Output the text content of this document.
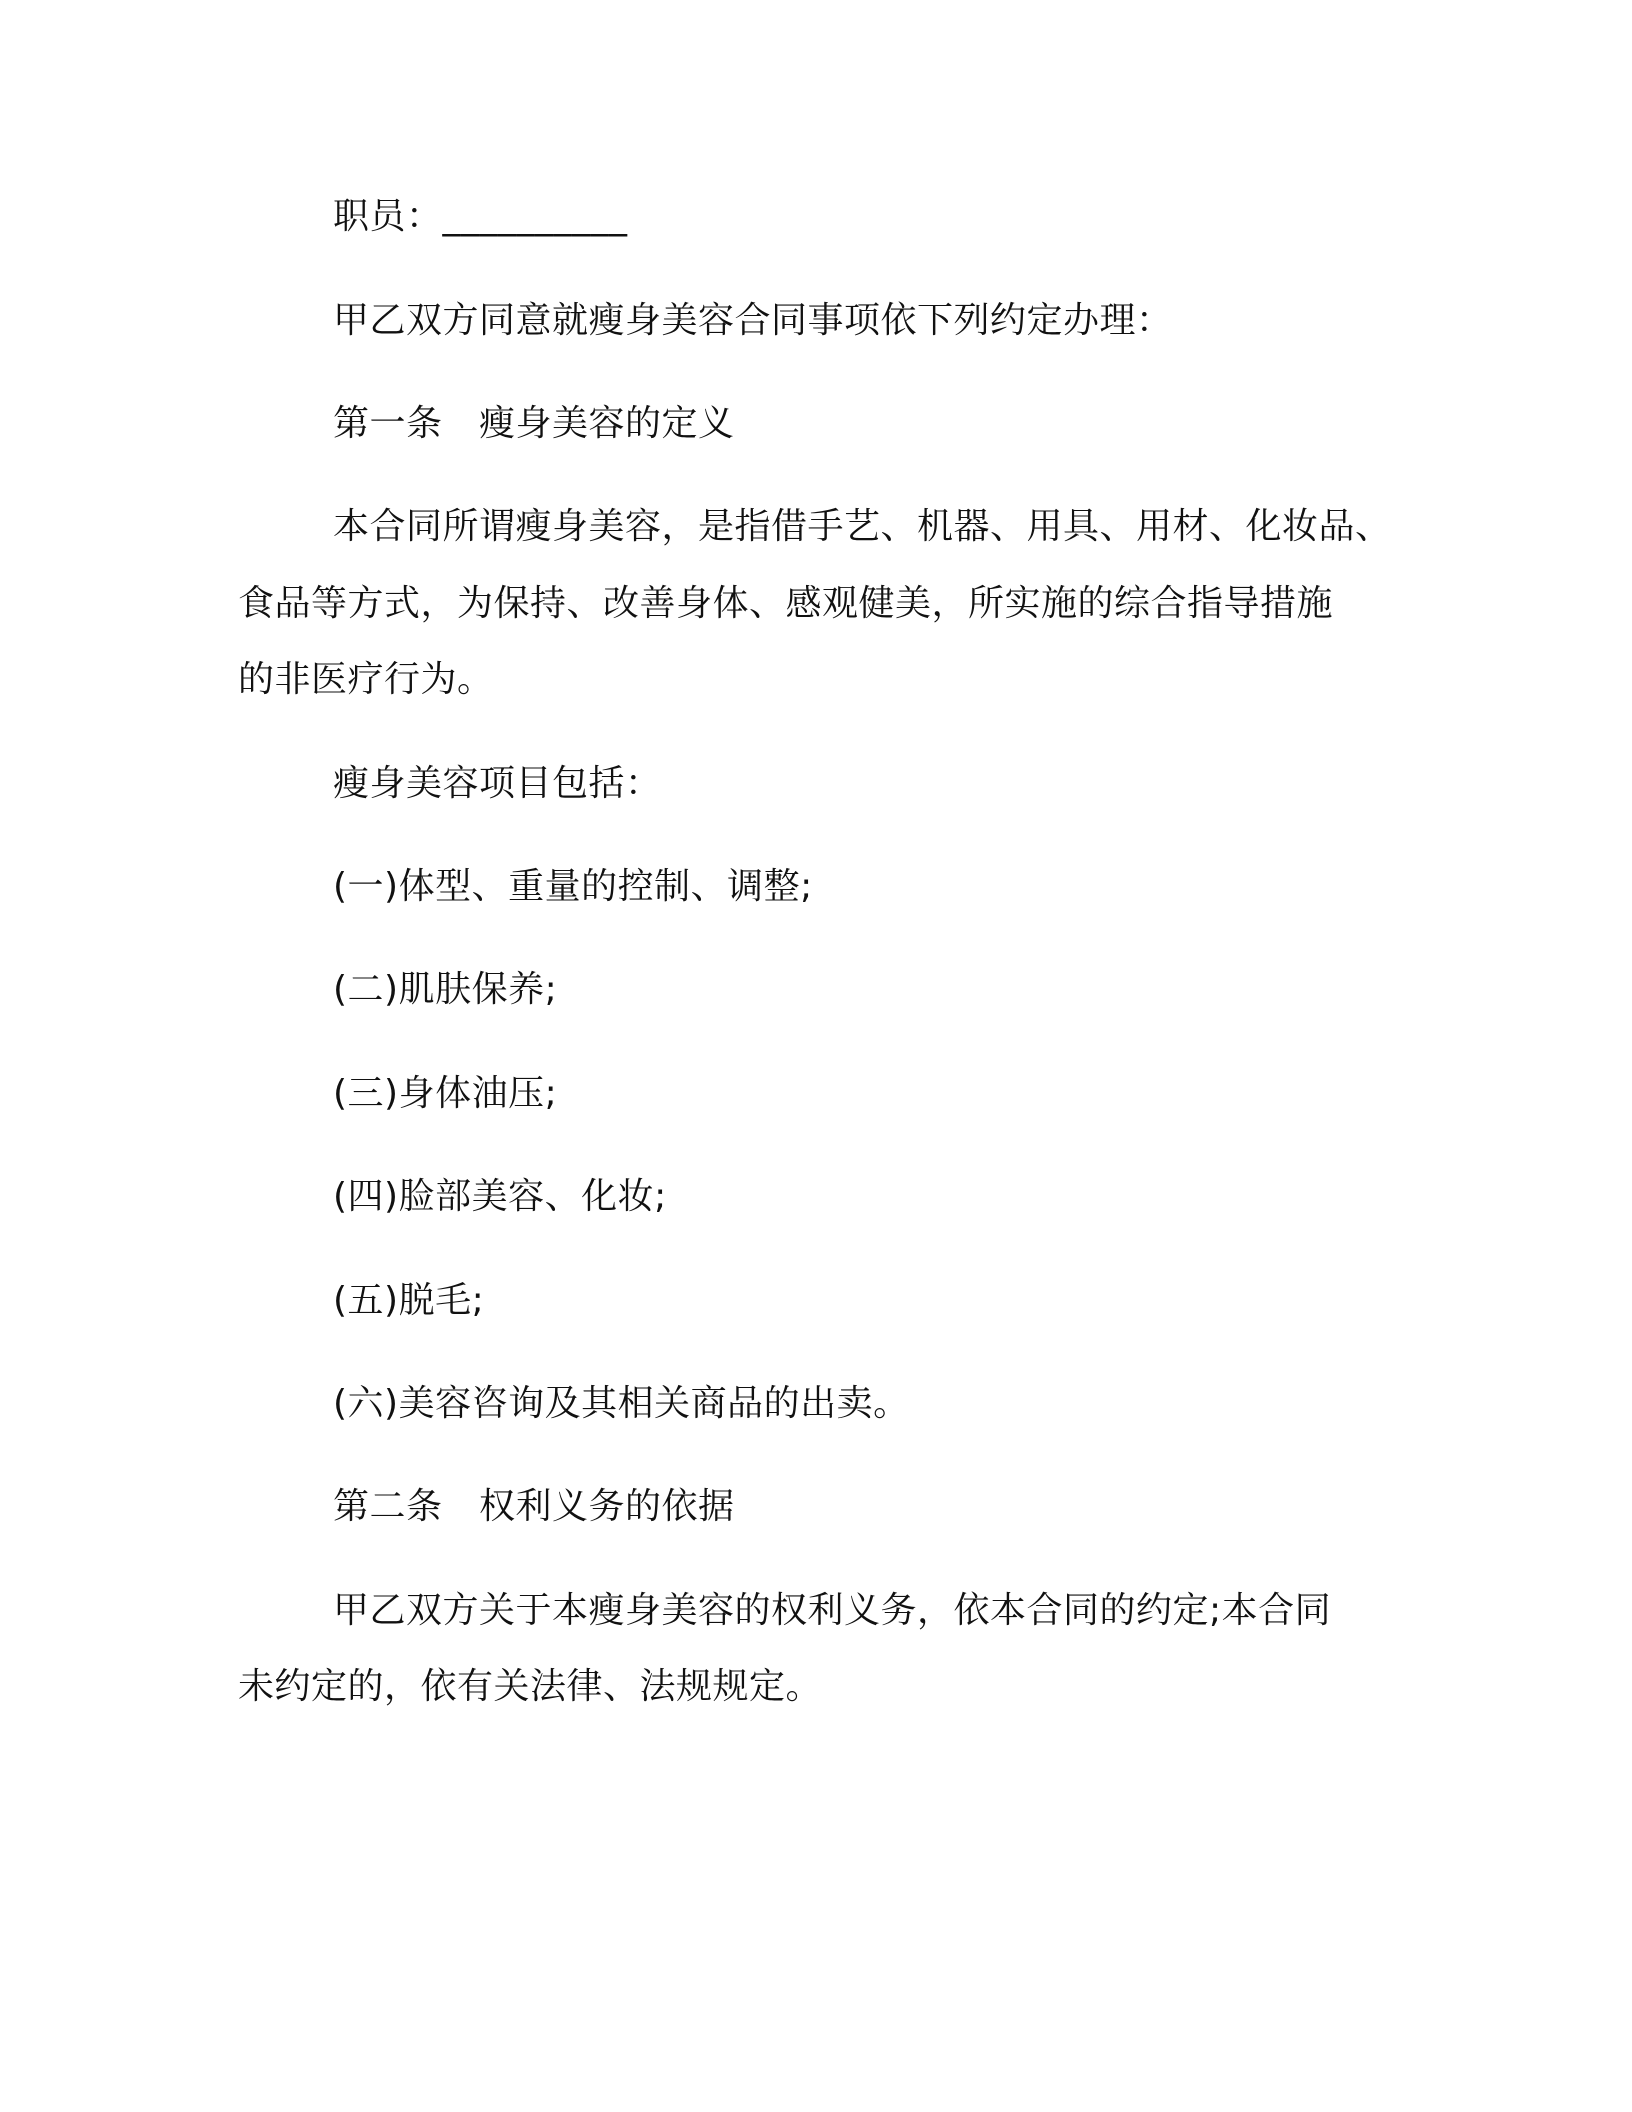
职员：__________
甲乙双方同意就瘦身美容合同事项依下列约定办理：
第一条　瘦身美容的定义
本合同所谓瘦身美容，是指借手艺、机器、用具、用材、化妆品、
食品等方式，为保持、改善身体、感观健美，所实施的综合指导措施
的非医疗行为。
瘦身美容项目包括：
(一)体型、重量的控制、调整;
(二)肌肤保养;
(三)身体油压;
(四)脸部美容、化妆;
(五)脱毛;
(六)美容咨询及其相关商品的出卖。
第二条　权利义务的依据
甲乙双方关于本瘦身美容的权利义务，依本合同的约定;本合同
未约定的，依有关法律、法规规定。
